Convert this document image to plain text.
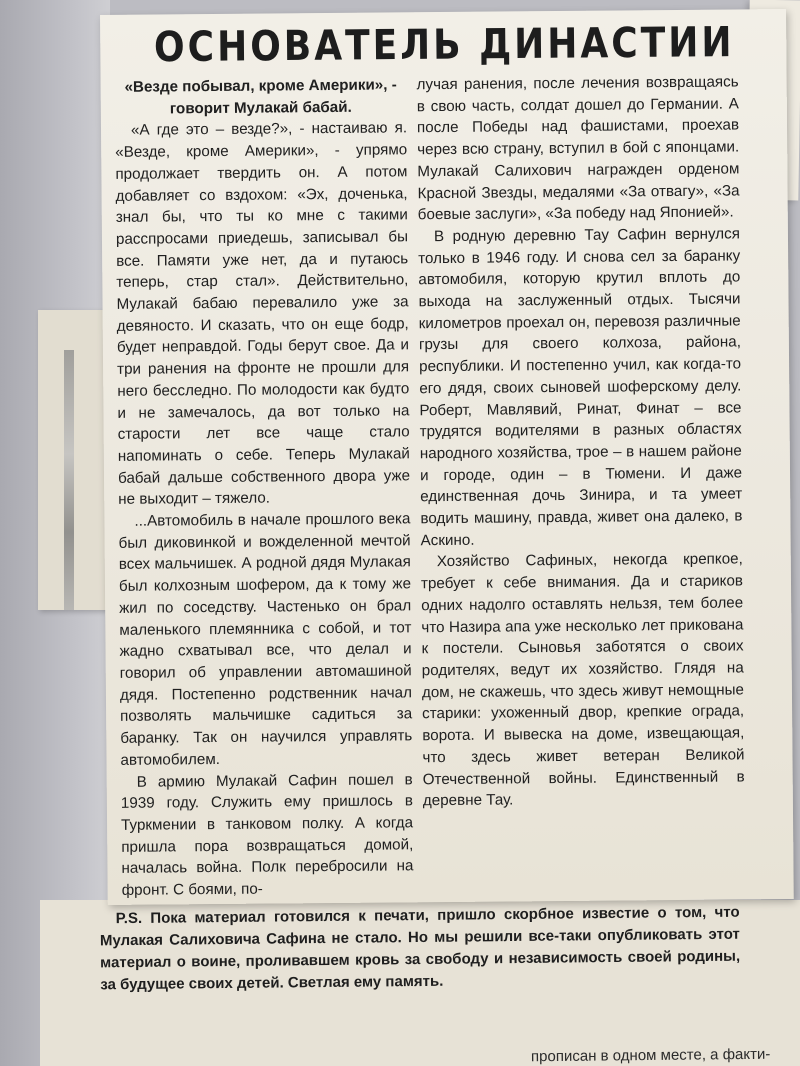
прописан в одном месте, а факти-
ОСНОВАТЕЛЬ ДИНАСТИИ

«Везде побывал, кроме Америки», - говорит Мулакай бабай.

«А где это – везде?», - настаиваю я. «Везде, кроме Америки», - упрямо продолжает твердить он. А потом добавляет со вздохом: «Эх, доченька, знал бы, что ты ко мне с такими расспросами приедешь, записывал бы все. Памяти уже нет, да и путаюсь теперь, стар стал». Действительно, Мулакай бабаю перевалило уже за девяносто. И сказать, что он еще бодр, будет неправдой. Годы берут свое. Да и три ранения на фронте не прошли для него бесследно. По молодости как будто и не замечалось, да вот только на старости лет все чаще стало напоминать о себе. Теперь Мулакай бабай дальше собственного двора уже не выходит – тяжело.

...Автомобиль в начале прошлого века был диковинкой и вожделенной мечтой всех мальчишек. А родной дядя Мулакая был колхозным шофером, да к тому же жил по соседству. Частенько он брал маленького племянника с собой, и тот жадно схватывал все, что делал и говорил об управлении автомашиной дядя. Постепенно родственник начал позволять мальчишке садиться за баранку. Так он научился управлять автомобилем.

В армию Мулакай Сафин пошел в 1939 году. Служить ему пришлось в Туркмении в танковом полку. А когда пришла пора возвращаться домой, началась война. Полк перебросили на фронт. С боями, по-

лучая ранения, после лечения возвращаясь в свою часть, солдат дошел до Германии. А после Победы над фашистами, проехав через всю страну, вступил в бой с японцами. Мулакай Салихович награжден орденом Красной Звезды, медалями «За отвагу», «За боевые заслуги», «За победу над Японией».

В родную деревню Тау Сафин вернулся только в 1946 году. И снова сел за баранку автомобиля, которую крутил вплоть до выхода на заслуженный отдых. Тысячи километров проехал он, перевозя различные грузы для своего колхоза, района, республики. И постепенно учил, как когда-то его дядя, своих сыновей шоферскому делу. Роберт, Мавлявий, Ринат, Финат – все трудятся водителями в разных областях народного хозяйства, трое – в нашем районе и городе, один – в Тюмени. И даже единственная дочь Зинира, и та умеет водить машину, правда, живет она далеко, в Аскино.

Хозяйство Сафиных, некогда крепкое, требует к себе внимания. Да и стариков одних надолго оставлять нельзя, тем более что Назира апа уже несколько лет прикована к постели. Сыновья заботятся о своих родителях, ведут их хозяйство. Глядя на дом, не скажешь, что здесь живут немощные старики: ухоженный двор, крепкие ограда, ворота. И вывеска на доме, извещающая, что здесь живет ветеран Великой Отечественной войны. Единственный в деревне Тау.

P.S. Пока материал готовился к печати, пришло скорбное известие о том, что Мулакая Салиховича Сафина не стало. Но мы решили все-таки опубликовать этот материал о воине, проливавшем кровь за свободу и независимость своей родины, за будущее своих детей. Светлая ему память.
